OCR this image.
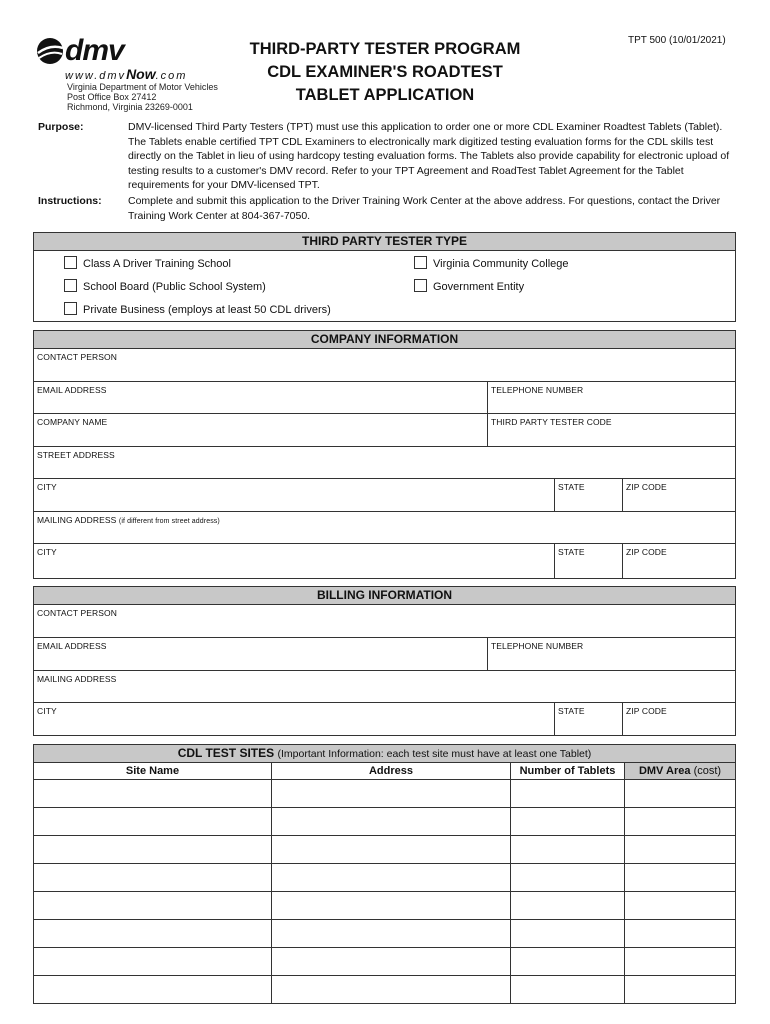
dmv
www.dmvNow.com
Virginia Department of Motor Vehicles
Post Office Box 27412
Richmond, Virginia 23269-0001
THIRD-PARTY TESTER PROGRAM
CDL EXAMINER'S ROADTEST
TABLET APPLICATION
TPT 500 (10/01/2021)
Purpose:	DMV-licensed Third Party Testers (TPT) must use this application to order one or more CDL Examiner Roadtest Tablets (Tablet). The Tablets enable certified TPT CDL Examiners to electronically mark digitized testing evaluation forms for the CDL skills test directly on the Tablet in lieu of using hardcopy testing evaluation forms. The Tablets also provide capability for electronic upload of testing results to a customer's DMV record. Refer to your TPT Agreement and RoadTest Tablet Agreement for the Tablet requirements for your DMV-licensed TPT.
Instructions:	Complete and submit this application to the Driver Training Work Center at the above address. For questions, contact the Driver Training Work Center at 804-367-7050.
THIRD PARTY TESTER TYPE
Class A Driver Training School	Virginia Community College
School Board (Public School System)	Government Entity
Private Business (employs at least 50 CDL drivers)
COMPANY INFORMATION
CONTACT PERSON
EMAIL ADDRESS	TELEPHONE NUMBER
COMPANY NAME	THIRD PARTY TESTER CODE
STREET ADDRESS
CITY	STATE	ZIP CODE
MAILING ADDRESS (if different from street address)
CITY	STATE	ZIP CODE
BILLING INFORMATION
CONTACT PERSON
EMAIL ADDRESS	TELEPHONE NUMBER
MAILING ADDRESS
CITY	STATE	ZIP CODE
CDL TEST SITES (Important Information: each test site must have at least one Tablet)
Site Name	Address	Number of Tablets	DMV Area (cost)
